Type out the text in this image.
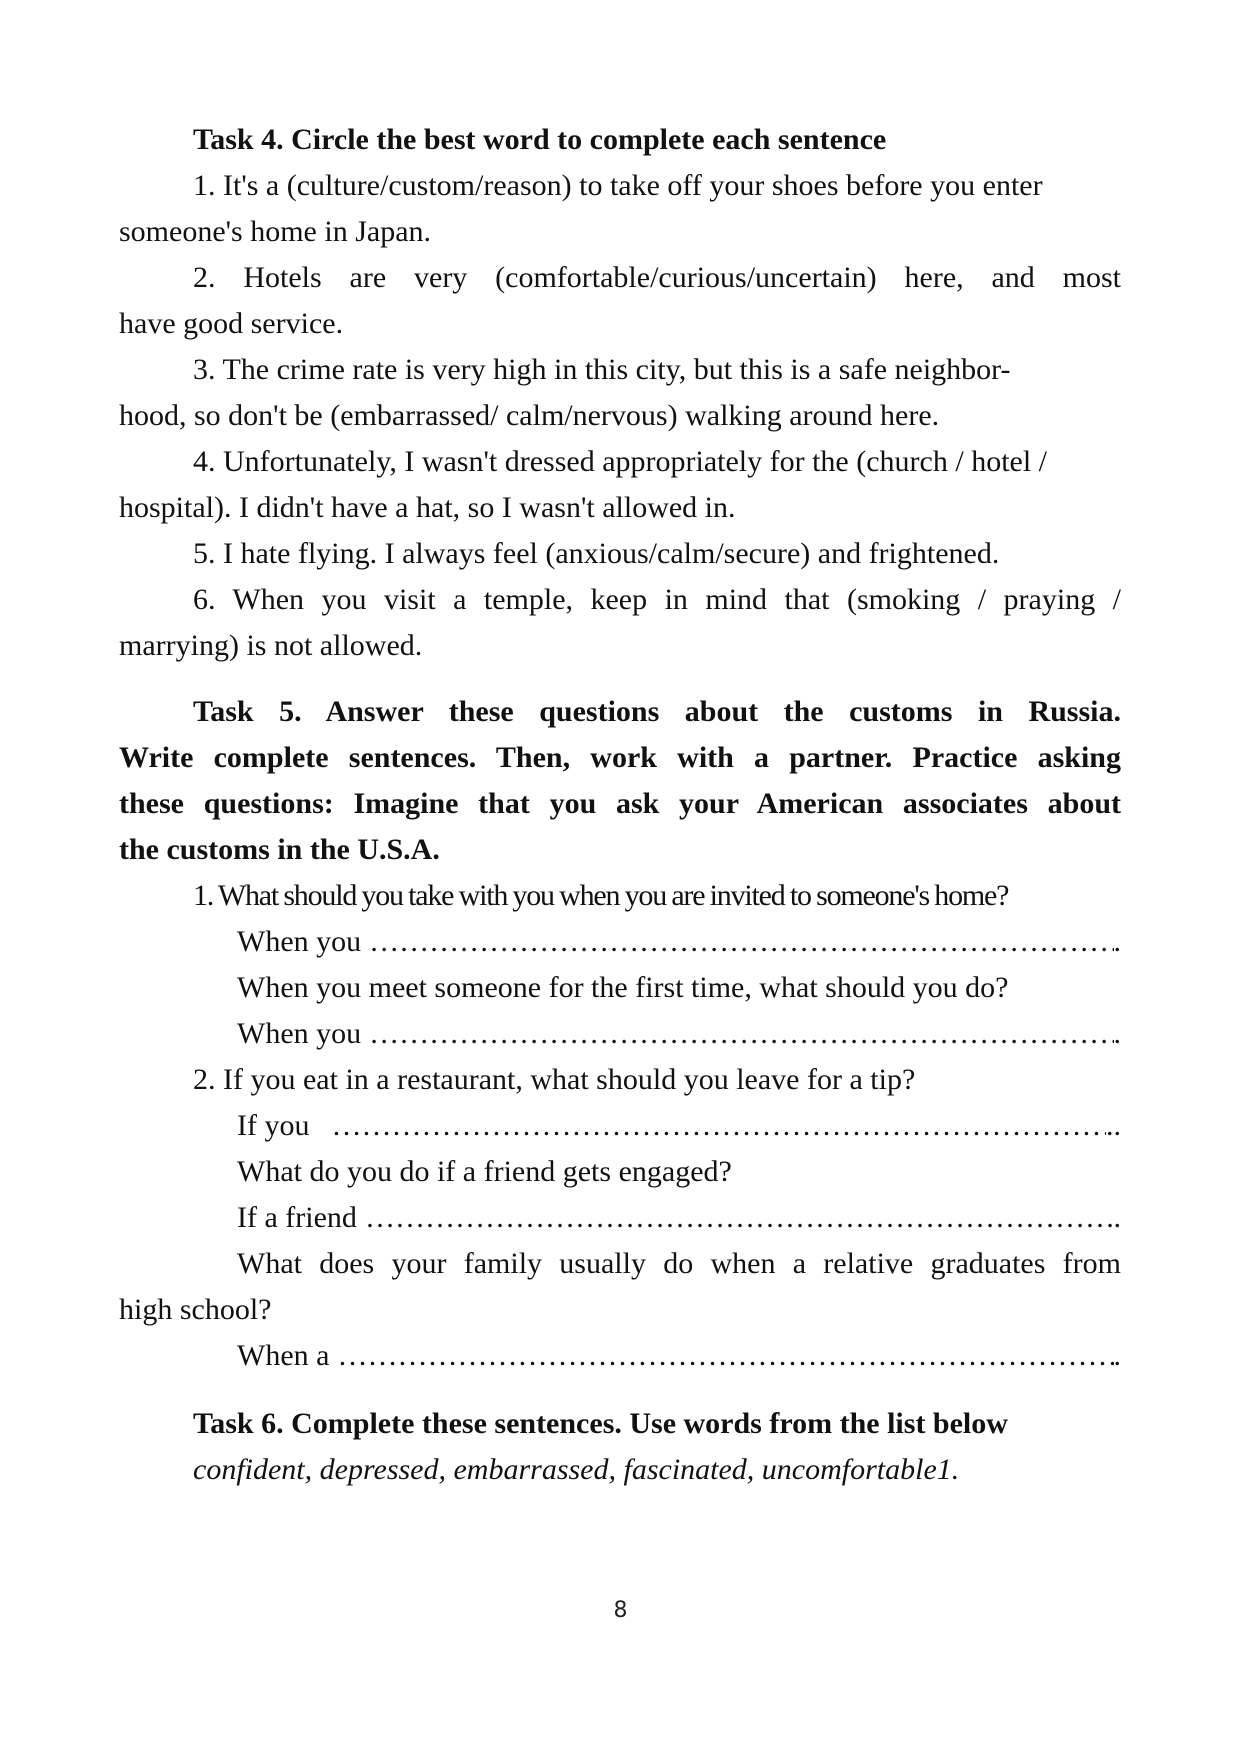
Task 4. Circle the best word to complete each sentence
1. It's a (culture/custom/reason) to take off your shoes before you enter
someone's home in Japan.
2. Hotels are very (comfortable/curious/uncertain) here, and most
have good service.
3. The crime rate is very high in this city, but this is a safe neighbor-
hood, so don't be (embarrassed/ calm/nervous) walking around here.
4. Unfortunately, I wasn't dressed appropriately for the (church / hotel /
hospital). I didn't have a hat, so I wasn't allowed in.
5. I hate flying. I always feel (anxious/calm/secure) and frightened.
6. When you visit a temple, keep in mind that (smoking / praying /
marrying) is not allowed.
Task 5. Answer these questions about the customs in Russia.
Write complete sentences. Then, work with a partner. Practice asking
these questions: Imagine that you ask your American associates about
the customs in the U.S.A.
1. What should you take with you when you are invited to someone's home?
When you …………………………………………………………………………………………………	.
When you meet someone for the first time, what should you do?
When you …………………………………………………………………………………………………	.
2. If you eat in a restaurant, what should you leave for a tip?
If you …………………………………………………………………………………………………	..
What do you do if a friend gets engaged?
If a friend …………………………………………………………………………………………………	.
What does your family usually do when a relative graduates from
high school?
When a …………………………………………………………………………………………………	.
Task 6. Complete these sentences. Use words from the list below
confident, depressed, embarrassed, fascinated, uncomfortable1.
8
